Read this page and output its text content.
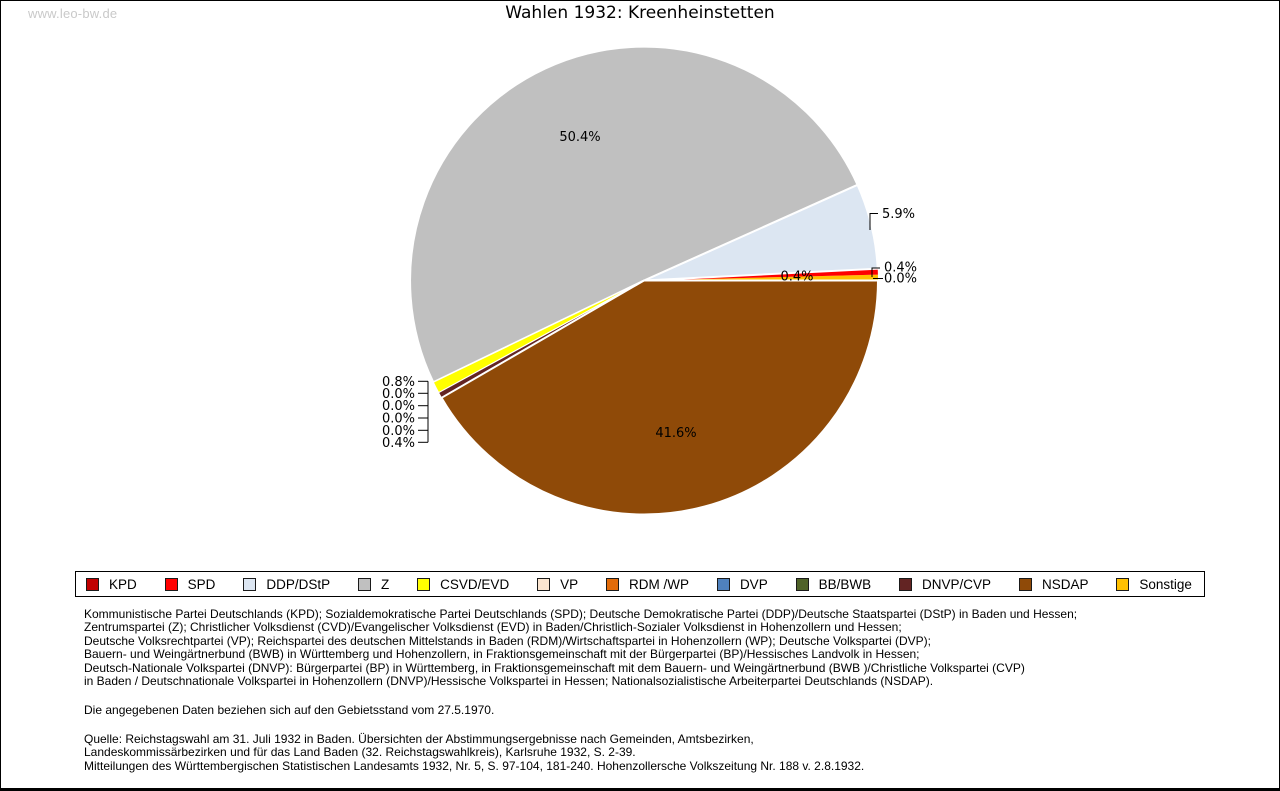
www.leo-bw.de	Wahlen 1932: Kreenheinstetten
0.4%
0.0%
0.4%
5.9%
50.4%
0.8%
0.0%
0.0%
0.0%
0.0%
0.4%
41.6%
KPD	SPD	DDP/DStP	Z	CSVD/EVD	VP	RDM /WP	DVP	BB/BWB	DNVP/CVP	NSDAP	Sonstige
Kommunistische Partei Deutschlands (KPD); Sozialdemokratische Partei Deutschlands (SPD); Deutsche Demokratische Partei (DDP)/Deutsche Staatspartei (DStP) in Baden und Hessen;
Zentrumspartei (Z); Christlicher Volksdienst (CVD)/Evangelischer Volksdienst (EVD) in Baden/Christlich-Sozialer Volksdienst in Hohenzollern und Hessen;
Deutsche Volksrechtpartei (VP); Reichspartei des deutschen Mittelstands in Baden (RDM)/Wirtschaftspartei in Hohenzollern (WP); Deutsche Volkspartei (DVP);
Bauern- und Weingärtnerbund (BWB) in Württemberg und Hohenzollern, in Fraktionsgemeinschaft mit der Bürgerpartei (BP)/Hessisches Landvolk in Hessen;
Deutsch-Nationale Volkspartei (DNVP): Bürgerpartei (BP) in Württemberg, in Fraktionsgemeinschaft mit dem Bauern- und Weingärtnerbund (BWB )/Christliche Volkspartei (CVP)
in Baden / Deutschnationale Volkspartei in Hohenzollern (DNVP)/Hessische Volkspartei in Hessen; Nationalsozialistische Arbeiterpartei Deutschlands (NSDAP).
Die angegebenen Daten beziehen sich auf den Gebietsstand vom 27.5.1970.
Quelle: Reichstagswahl am 31. Juli 1932 in Baden. Übersichten der Abstimmungsergebnisse nach Gemeinden, Amtsbezirken,
Landeskommissärbezirken und für das Land Baden (32. Reichstagswahlkreis), Karlsruhe 1932, S. 2-39.
Mitteilungen des Württembergischen Statistischen Landesamts 1932, Nr. 5, S. 97-104, 181-240. Hohenzollersche Volkszeitung Nr. 188 v. 2.8.1932.
